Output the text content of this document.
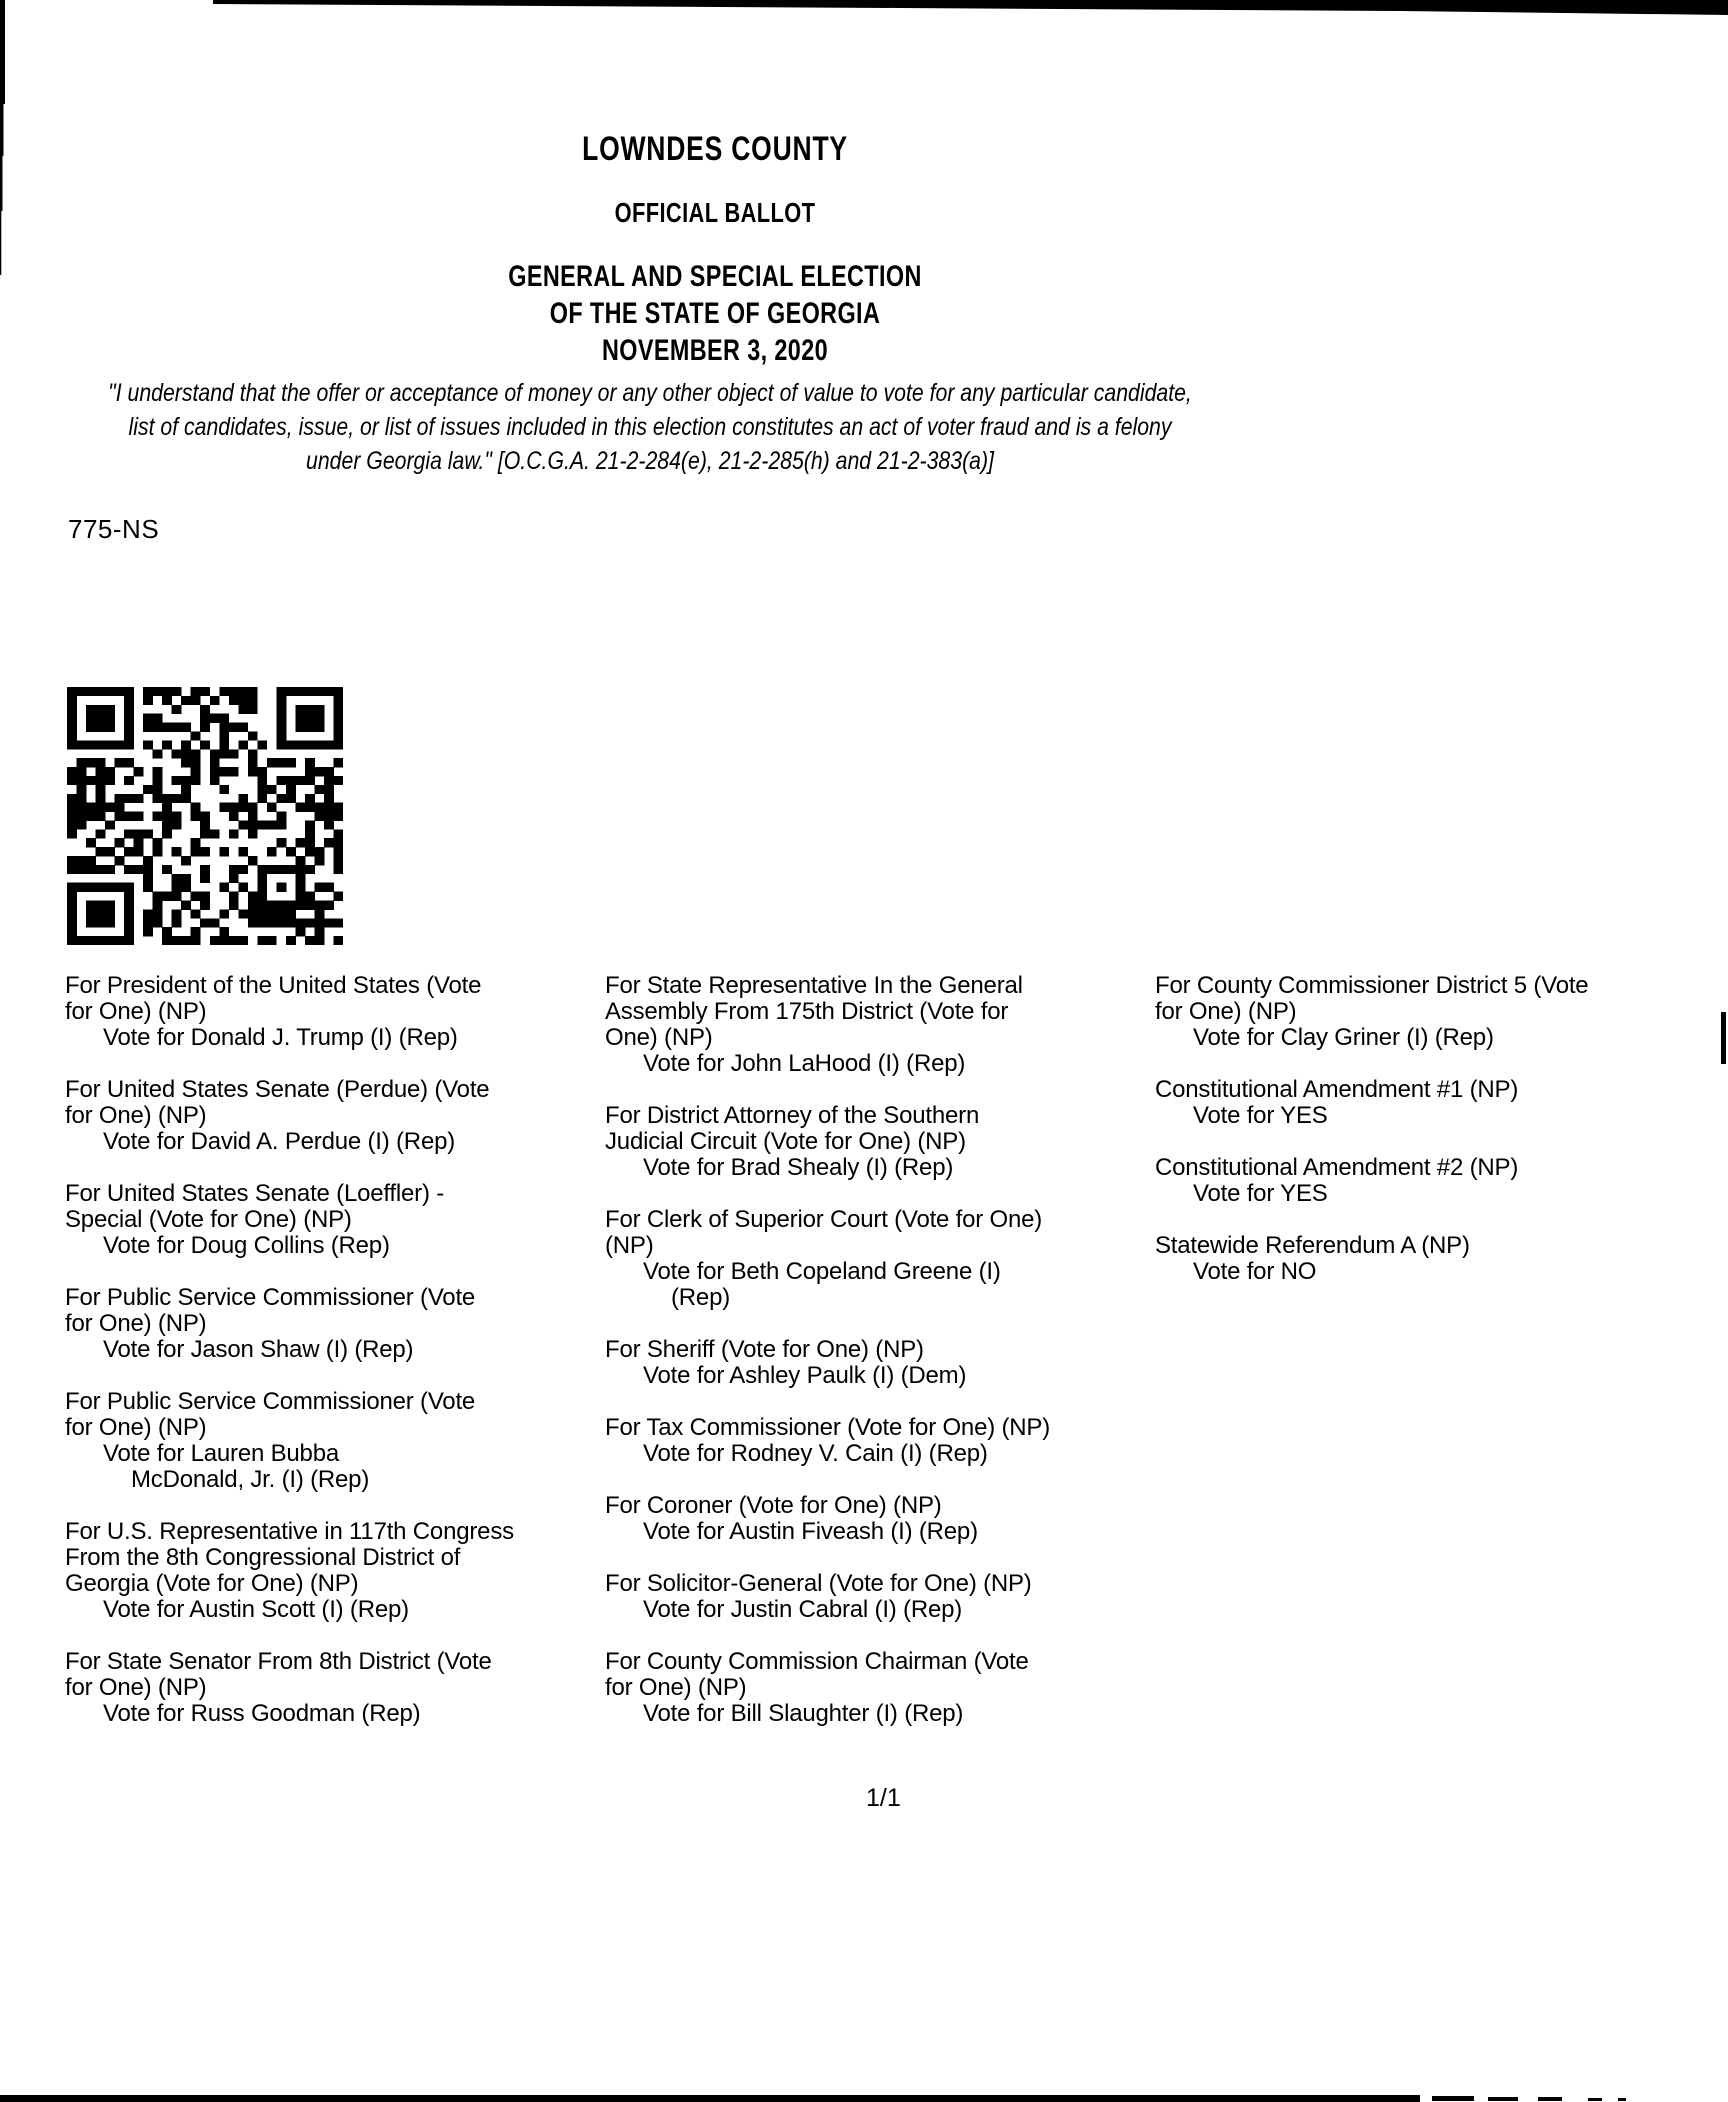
LOWNDES COUNTY
OFFICIAL BALLOT
GENERAL AND SPECIAL ELECTION
OF THE STATE OF GEORGIA
NOVEMBER 3, 2020
"I understand that the offer or acceptance of money or any other object of value to vote for any particular candidate,
list of candidates, issue, or list of issues included in this election constitutes an act of voter fraud and is a felony
under Georgia law." [O.C.G.A. 21-2-284(e), 21-2-285(h) and 21-2-383(a)]
775-NS
For President of the United States (Vote
for One) (NP)
Vote for Donald J. Trump (I) (Rep)
For United States Senate (Perdue) (Vote
for One) (NP)
Vote for David A. Perdue (I) (Rep)
For United States Senate (Loeffler) -
Special (Vote for One) (NP)
Vote for Doug Collins (Rep)
For Public Service Commissioner (Vote
for One) (NP)
Vote for Jason Shaw (I) (Rep)
For Public Service Commissioner (Vote
for One) (NP)
Vote for Lauren Bubba
McDonald, Jr. (I) (Rep)
For U.S. Representative in 117th Congress
From the 8th Congressional District of
Georgia (Vote for One) (NP)
Vote for Austin Scott (I) (Rep)
For State Senator From 8th District (Vote
for One) (NP)
Vote for Russ Goodman (Rep)
For State Representative In the General
Assembly From 175th District (Vote for
One) (NP)
Vote for John LaHood (I) (Rep)
For District Attorney of the Southern
Judicial Circuit (Vote for One) (NP)
Vote for Brad Shealy (I) (Rep)
For Clerk of Superior Court (Vote for One)
(NP)
Vote for Beth Copeland Greene (I)
(Rep)
For Sheriff (Vote for One) (NP)
Vote for Ashley Paulk (I) (Dem)
For Tax Commissioner (Vote for One) (NP)
Vote for Rodney V. Cain (I) (Rep)
For Coroner (Vote for One) (NP)
Vote for Austin Fiveash (I) (Rep)
For Solicitor-General (Vote for One) (NP)
Vote for Justin Cabral (I) (Rep)
For County Commission Chairman (Vote
for One) (NP)
Vote for Bill Slaughter (I) (Rep)
For County Commissioner District 5 (Vote
for One) (NP)
Vote for Clay Griner (I) (Rep)
Constitutional Amendment #1 (NP)
Vote for YES
Constitutional Amendment #2 (NP)
Vote for YES
Statewide Referendum A (NP)
Vote for NO
1/1
